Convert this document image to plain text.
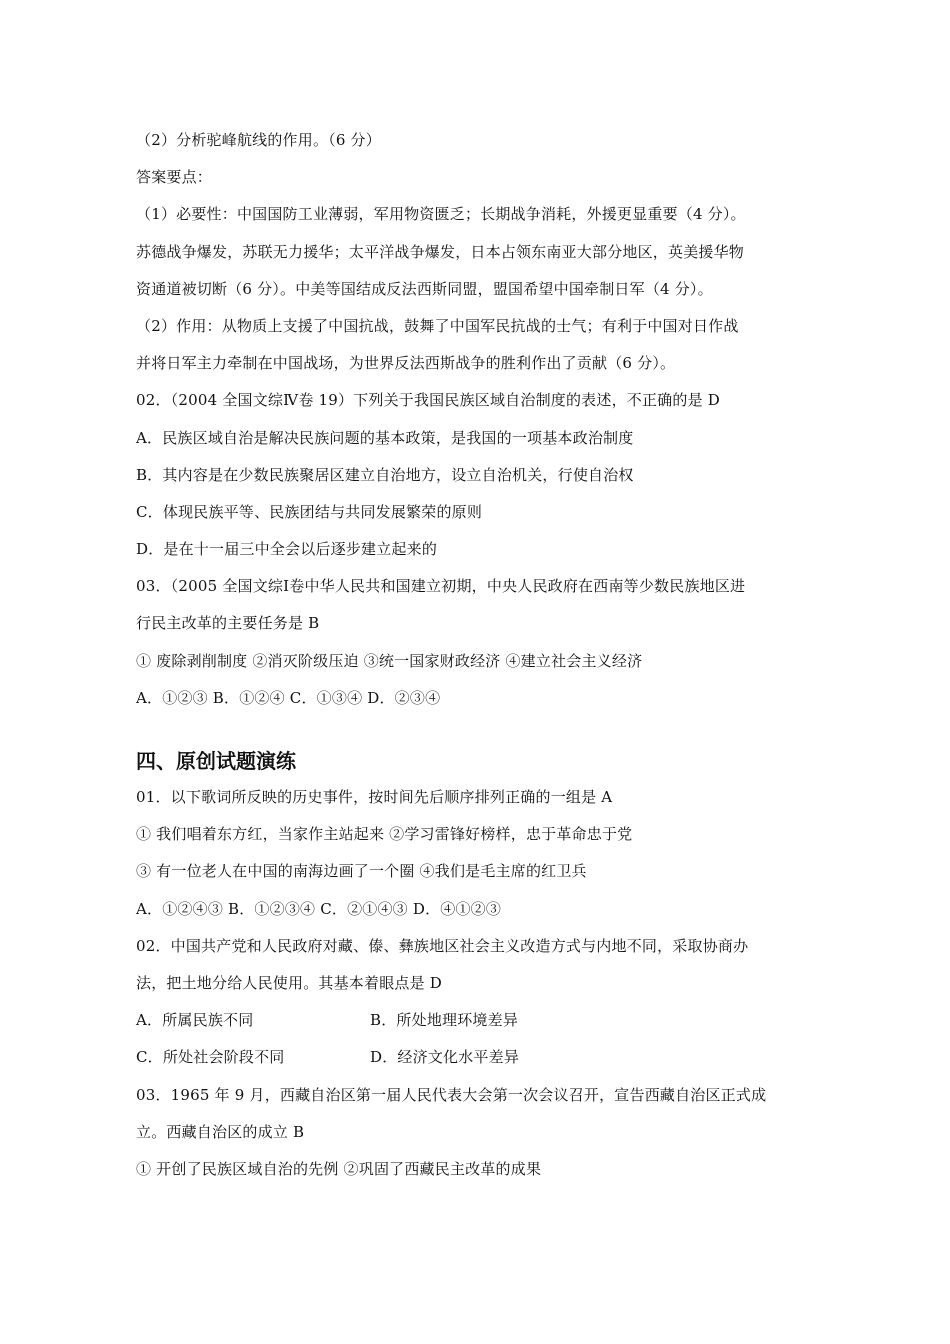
（2）分析驼峰航线的作用。（6 分）
答案要点：
（1）必要性：中国国防工业薄弱，军用物资匮乏；长期战争消耗，外援更显重要（4 分）。
苏德战争爆发，苏联无力援华；太平洋战争爆发，日本占领东南亚大部分地区，英美援华物
资通道被切断（6 分）。中美等国结成反法西斯同盟，盟国希望中国牵制日军（4 分）。
（2）作用：从物质上支援了中国抗战，鼓舞了中国军民抗战的士气；有利于中国对日作战
并将日军主力牵制在中国战场，为世界反法西斯战争的胜利作出了贡献（6 分）。
02．（2004 全国文综Ⅳ卷 19）下列关于我国民族区域自治制度的表述，不正确的是 D
A．民族区域自治是解决民族问题的基本政策，是我国的一项基本政治制度
B．其内容是在少数民族聚居区建立自治地方，设立自治机关，行使自治权
C．体现民族平等、民族团结与共同发展繁荣的原则
D．是在十一届三中全会以后逐步建立起来的
03．（2005 全国文综Ⅰ卷中华人民共和国建立初期，中央人民政府在西南等少数民族地区进
行民主改革的主要任务是 B
① 废除剥削制度 ②消灭阶级压迫 ③统一国家财政经济 ④建立社会主义经济
A．①②③ B．①②④ C．①③④ D．②③④
四、原创试题演练
01．以下歌词所反映的历史事件，按时间先后顺序排列正确的一组是 A
① 我们唱着东方红，当家作主站起来 ②学习雷锋好榜样，忠于革命忠于党
③ 有一位老人在中国的南海边画了一个圈 ④我们是毛主席的红卫兵
A．①②④③ B．①②③④ C．②①④③ D．④①②③
02．中国共产党和人民政府对藏、傣、彝族地区社会主义改造方式与内地不同，采取协商办
法，把土地分给人民使用。其基本着眼点是 D
A．所属民族不同	B．所处地理环境差异
C．所处社会阶段不同	D．经济文化水平差异
03．1965 年 9 月，西藏自治区第一届人民代表大会第一次会议召开，宣告西藏自治区正式成
立。西藏自治区的成立 B
① 开创了民族区域自治的先例 ②巩固了西藏民主改革的成果
